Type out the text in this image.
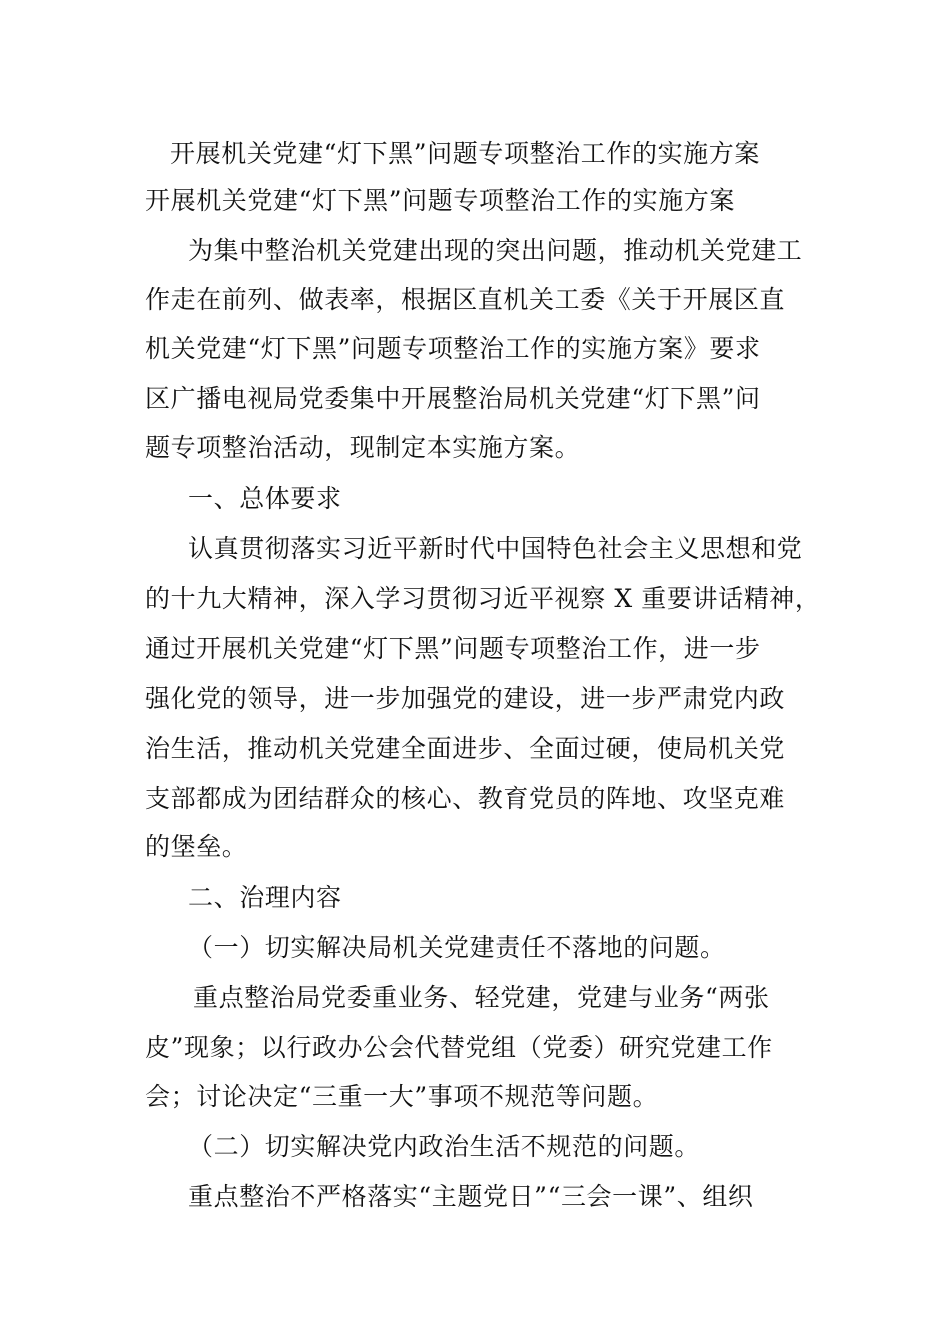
开展机关党建“灯下黑”问题专项整治工作的实施方案
开展机关党建“灯下黑”问题专项整治工作的实施方案
为集中整治机关党建出现的突出问题，推动机关党建工
作走在前列、做表率，根据区直机关工委《关于开展区直
机关党建“灯下黑”问题专项整治工作的实施方案》要求
区广播电视局党委集中开展整治局机关党建“灯下黑”问
题专项整治活动，现制定本实施方案。
一、总体要求
认真贯彻落实习近平新时代中国特色社会主义思想和党
的十九大精神，深入学习贯彻习近平视察 X 重要讲话精神，
通过开展机关党建“灯下黑”问题专项整治工作，进一步
强化党的领导，进一步加强党的建设，进一步严肃党内政
治生活，推动机关党建全面进步、全面过硬，使局机关党
支部都成为团结群众的核心、教育党员的阵地、攻坚克难
的堡垒。
二、治理内容
（一）切实解决局机关党建责任不落地的问题。
重点整治局党委重业务、轻党建，党建与业务“两张
皮”现象；以行政办公会代替党组（党委）研究党建工作
会；讨论决定“三重一大”事项不规范等问题。
（二）切实解决党内政治生活不规范的问题。
重点整治不严格落实“主题党日”“三会一课”、组织
